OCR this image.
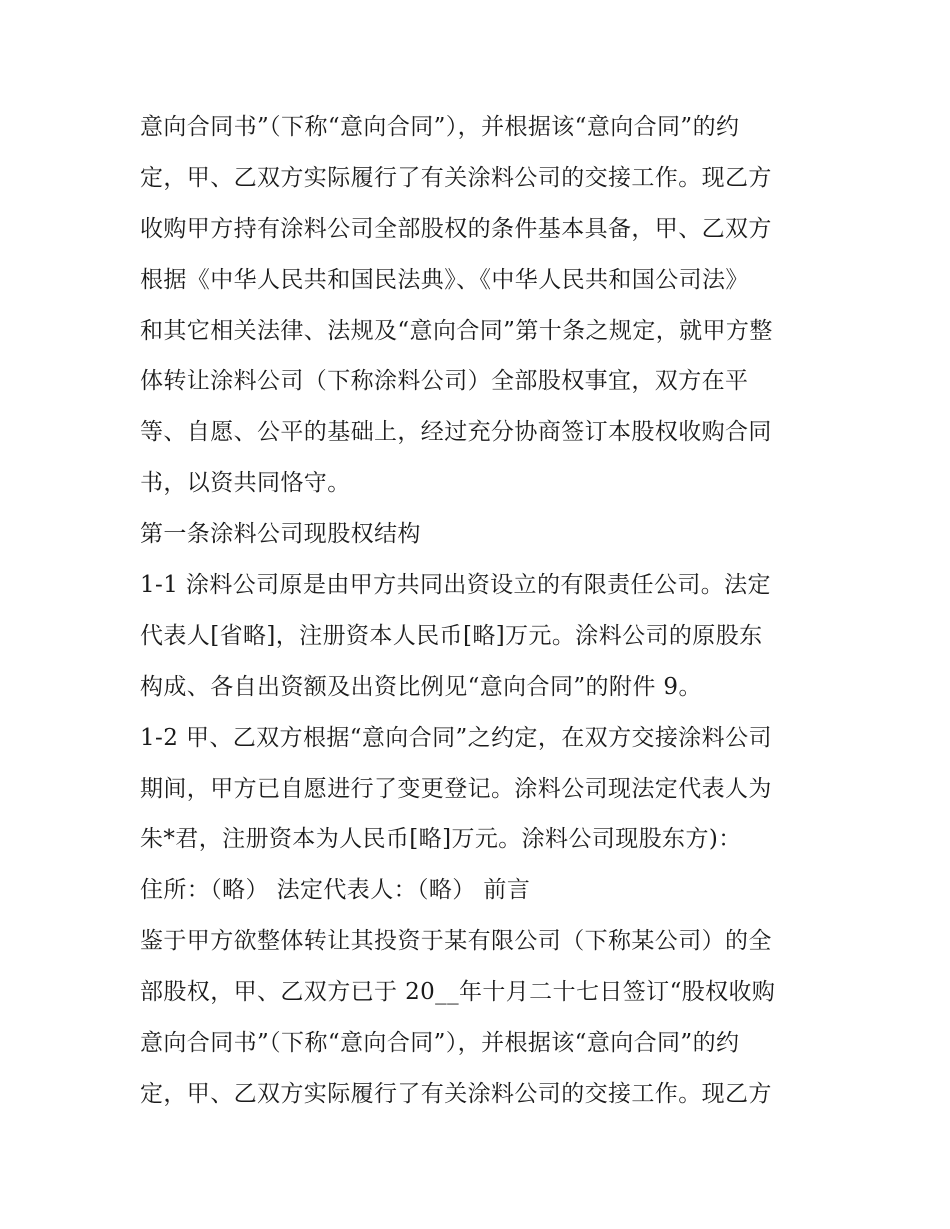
意向合同书”（下称“意向合同”），并根据该“意向合同”的约
定，甲、乙双方实际履行了有关涂料公司的交接工作。现乙方
收购甲方持有涂料公司全部股权的条件基本具备，甲、乙双方
根据《中华人民共和国民法典》、《中华人民共和国公司法》
和其它相关法律、法规及“意向合同”第十条之规定，就甲方整
体转让涂料公司（下称涂料公司）全部股权事宜，双方在平
等、自愿、公平的基础上，经过充分协商签订本股权收购合同
书，以资共同恪守。
第一条涂料公司现股权结构
1-1 涂料公司原是由甲方共同出资设立的有限责任公司。法定
代表人[省略]，注册资本人民币[略]万元。涂料公司的原股东
构成、各自出资额及出资比例见“意向合同”的附件 9。
1-2 甲、乙双方根据“意向合同”之约定，在双方交接涂料公司
期间，甲方已自愿进行了变更登记。涂料公司现法定代表人为
朱*君，注册资本为人民币[略]万元。涂料公司现股东方)：
住所：（略） 法定代表人：（略） 前言
鉴于甲方欲整体转让其投资于某有限公司（下称某公司）的全
部股权，甲、乙双方已于 20__年十月二十七日签订“股权收购
意向合同书”（下称“意向合同”），并根据该“意向合同”的约
定，甲、乙双方实际履行了有关涂料公司的交接工作。现乙方
